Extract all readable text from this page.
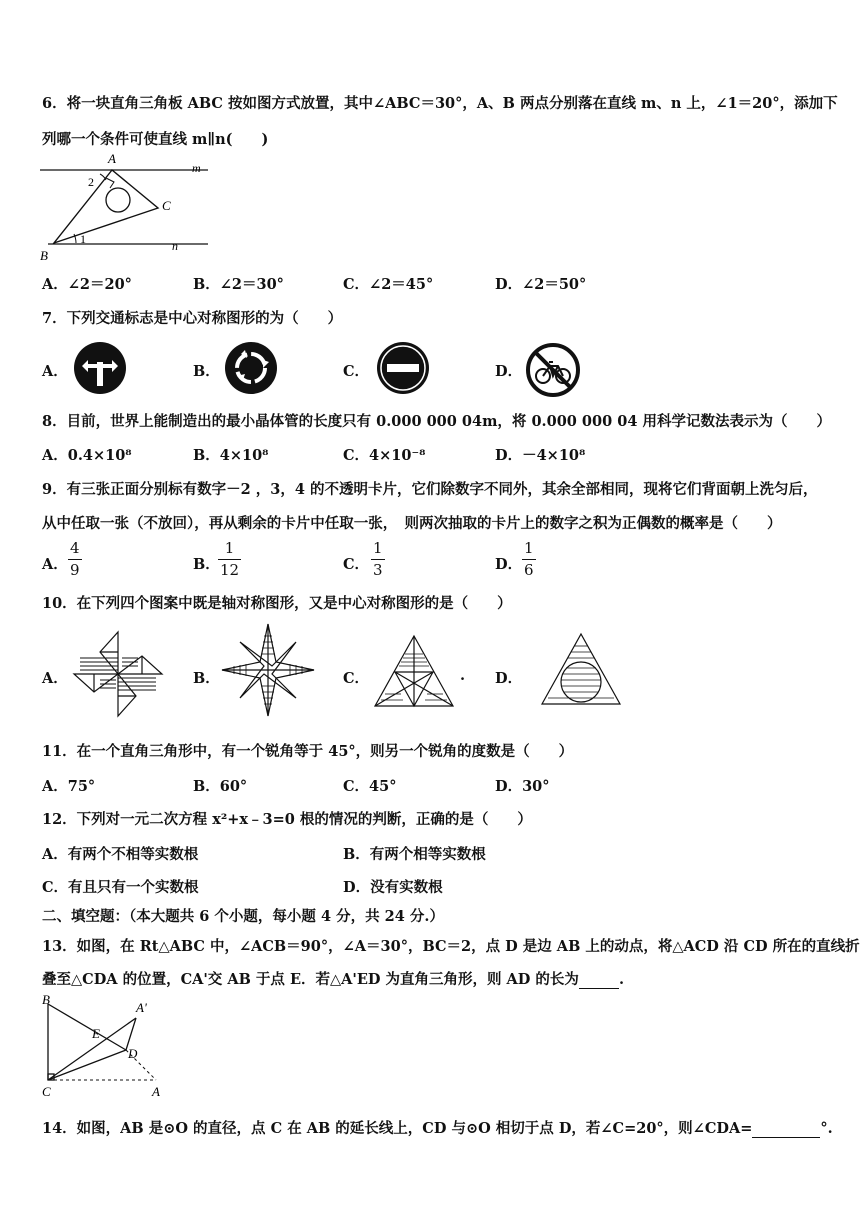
6．将一块直角三角板 ABC 按如图方式放置，其中∠ABC＝30°，A、B 两点分别落在直线 m、n 上，∠1＝20°，添加下
列哪一个条件可使直线 m∥n(　　)
A
B
C
m
n
1
2
A．∠2＝20°	B．∠2＝30°	C．∠2＝45°	D．∠2＝50°
7．下列交通标志是中心对称图形的为（　　）
A．	B．	C．	D．
8．目前，世界上能制造出的最小晶体管的长度只有 0.000 000 04m，将 0.000 000 04 用科学记数法表示为（　　）
A．0.4×10⁸	B．4×10⁸	C．4×10⁻⁸	D．－4×10⁸
9．有三张正面分别标有数字－2 ，3，4 的不透明卡片，它们除数字不同外，其余全部相同，现将它们背面朝上洗匀后，
从中任取一张（不放回），再从剩余的卡片中任取一张，　则两次抽取的卡片上的数字之积为正偶数的概率是（　　）
A．
4
9	B．
1
12	C．
1
3	D．
1
6
10．在下列四个图案中既是轴对称图形，又是中心对称图形的是（　　）
A．	B．	C．	. D．
11．在一个直角三角形中，有一个锐角等于 45°，则另一个锐角的度数是（　　）
A．75°	B．60°	C．45°	D．30°
12．下列对一元二次方程 x²+x﹣3=0 根的情况的判断，正确的是（　　）
A．有两个不相等实数根	B．有两个相等实数根
C．有且只有一个实数根	D．没有实数根
二、填空题：（本大题共 6 个小题，每小题 4 分，共 24 分.）
13．如图，在 Rt△ABC 中，∠ACB＝90°，∠A＝30°，BC＝2，点 D 是边 AB 上的动点，将△ACD 沿 CD 所在的直线折
叠至△CDA 的位置，CA'交 AB 于点 E．若△A'ED 为直角三角形，则 AD 的长为	.
B
A'
E
D
C	A
14．如图，AB 是⊙O 的直径，点 C 在 AB 的延长线上，CD 与⊙O 相切于点 D，若∠C=20°，则∠CDA=	°.
